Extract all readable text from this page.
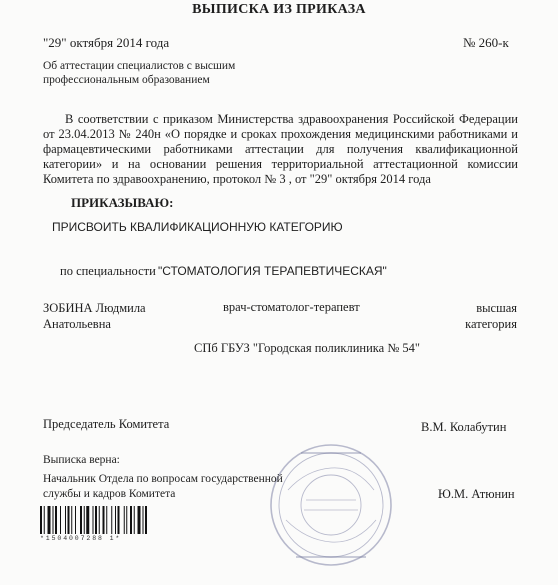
ВЫПИСКА ИЗ ПРИКАЗА
"29" октября 2014 года	№ 260-к
Об аттестации специалистов с высшим профессиональным образованием
В соответствии с приказом Министерства здравоохранения Российской Федерации от 23.04.2013 № 240н «О порядке и сроках прохождения медицинскими работниками и фармацевтическими работниками аттестации для получения квалификационной категории» и на основании решения территориальной аттестационной комиссии Комитета по здравоохранению, протокол № 3 , от "29" октября 2014 года
ПРИКАЗЫВАЮ:
ПРИСВОИТЬ КВАЛИФИКАЦИОННУЮ КАТЕГОРИЮ
по специальности "СТОМАТОЛОГИЯ ТЕРАПЕВТИЧЕСКАЯ"
ЗОБИНА Людмила Анатольевна
врач-стоматолог-терапевт	высшая категория
СПб ГБУЗ "Городская поликлиника № 54"
Председатель Комитета	В.М. Колабутин
Выписка верна:
Начальник Отдела по вопросам государственной службы и кадров Комитета	Ю.М. Атюнин
*1504007288 1*
